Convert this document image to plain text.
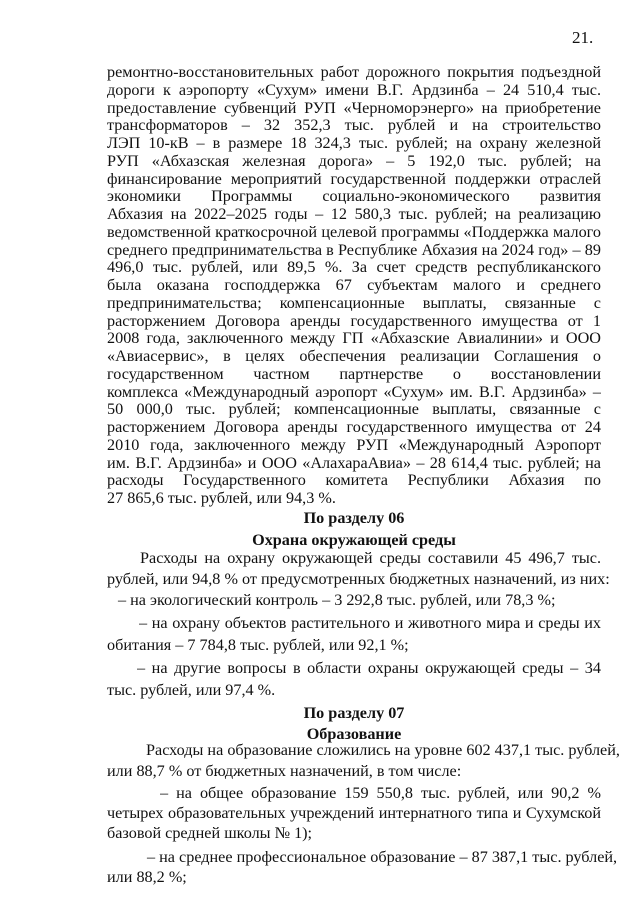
21.
ремонтно-восстановительных работ дорожного покрытия подъездной
дороги к аэропорту «Сухум» имени В.Г. Ардзинба – 24 510,4 тыс.
предоставление субвенций РУП «Черноморэнерго» на приобретение
трансформаторов – 32 352,3 тыс. рублей и на строительство
ЛЭП 10-кВ – в размере 18 324,3 тыс. рублей; на охрану железной
РУП «Абхазская железная дорога» – 5 192,0 тыс. рублей; на
финансирование мероприятий государственной поддержки отраслей
экономики Программы социально-экономического развития
Абхазия на 2022–2025 годы – 12 580,3 тыс. рублей; на реализацию
ведомственной краткосрочной целевой программы «Поддержка малого
среднего предпринимательства в Республике Абхазия на 2024 год» – 89
496,0 тыс. рублей, или 89,5 %. За счет средств республиканского
была оказана господдержка 67 субъектам малого и среднего
предпринимательства; компенсационные выплаты, связанные с
расторжением Договора аренды государственного имущества от 1
2008 года, заключенного между ГП «Абхазские Авиалинии» и ООО
«Авиасервис», в целях обеспечения реализации Соглашения о
государственном частном партнерстве о восстановлении
комплекса «Международный аэропорт «Сухум» им. В.Г. Ардзинба» –
50 000,0 тыс. рублей; компенсационные выплаты, связанные с
расторжением Договора аренды государственного имущества от 24
2010 года, заключенного между РУП «Международный Аэропорт
им. В.Г. Ардзинба» и ООО «АлахараАвиа» – 28 614,4 тыс. рублей; на
расходы Государственного комитета Республики Абхазия по
27 865,6 тыс. рублей, или 94,3 %.
По разделу 06
Охрана окружающей среды
Расходы на охрану окружающей среды составили 45 496,7 тыс.
рублей, или 94,8 % от предусмотренных бюджетных назначений, из них:
– на экологический контроль – 3 292,8 тыс. рублей, или 78,3 %;
– на охрану объектов растительного и животного мира и среды их
обитания – 7 784,8 тыс. рублей, или 92,1 %;
– на другие вопросы в области охраны окружающей среды – 34
тыс. рублей, или 97,4 %.
По разделу 07
Образование
Расходы на образование сложились на уровне 602 437,1 тыс. рублей,
или 88,7 % от бюджетных назначений, в том числе:
– на общее образование 159 550,8 тыс. рублей, или 90,2 %
четырех образовательных учреждений интернатного типа и Сухумской
базовой средней школы № 1);
– на среднее профессиональное образование – 87 387,1 тыс. рублей,
или 88,2 %;
